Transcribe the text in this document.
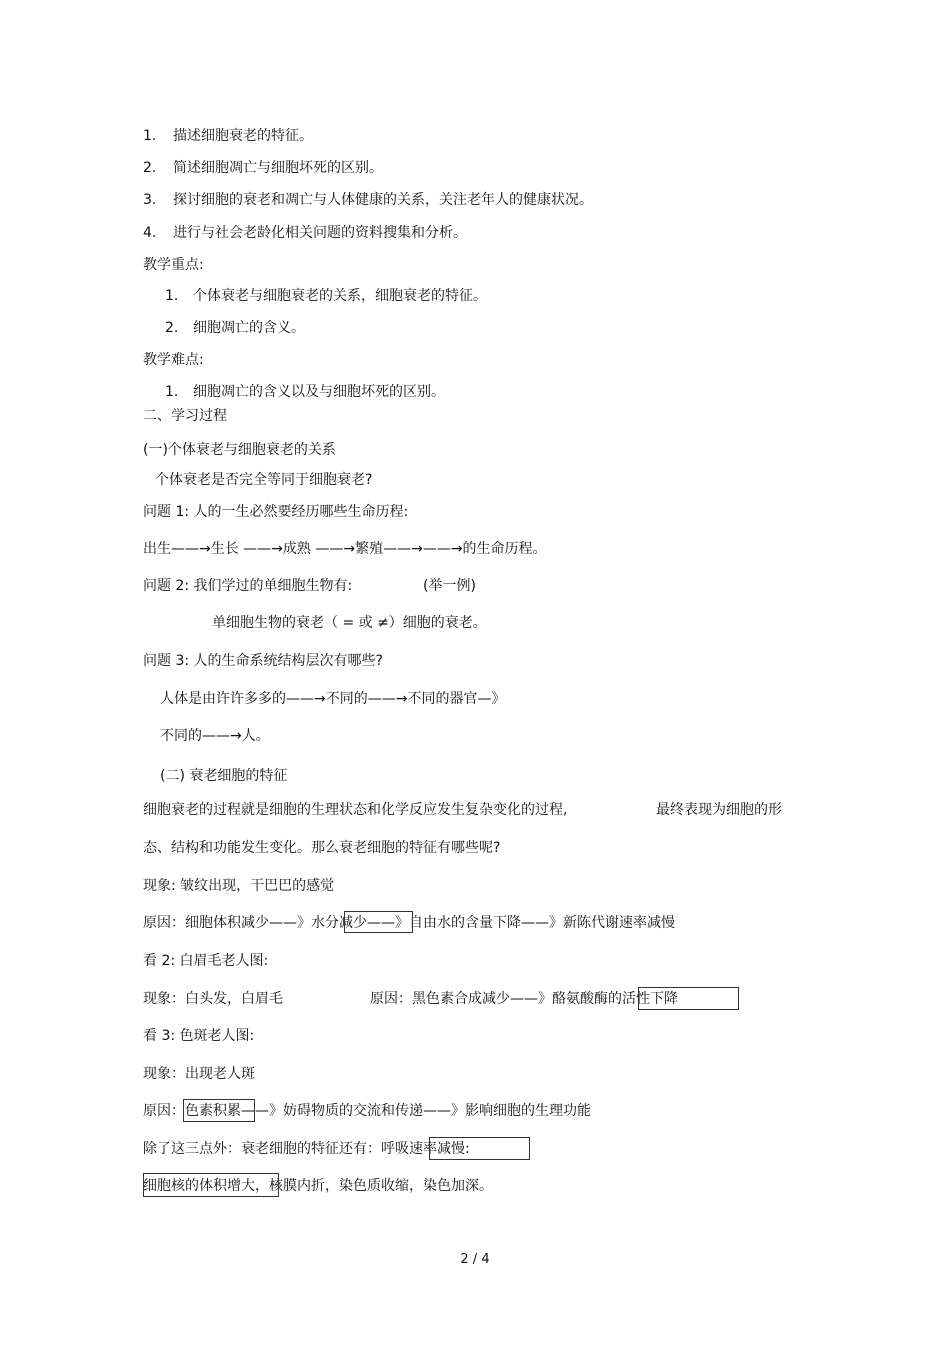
1. 描述细胞衰老的特征。
2. 简述细胞凋亡与细胞坏死的区别。
3. 探讨细胞的衰老和凋亡与人体健康的关系，关注老年人的健康状况。
4. 进行与社会老龄化相关问题的资料搜集和分析。
教学重点:
1. 个体衰老与细胞衰老的关系，细胞衰老的特征。
2. 细胞凋亡的含义。
教学难点:
1. 细胞凋亡的含义以及与细胞坏死的区别。
二、学习过程
(一)个体衰老与细胞衰老的关系
个体衰老是否完全等同于细胞衰老?
问题 1: 人的一生必然要经历哪些生命历程:
出生——→生长 ——→成熟 ——→繁殖——→——→的生命历程。
问题 2: 我们学过的单细胞生物有:	(举一例)
单细胞生物的衰老（ = 或 ≠）细胞的衰老。
问题 3: 人的生命系统结构层次有哪些?
人体是由许许多多的——→不同的——→不同的器官—》
不同的——→人。
(二) 衰老细胞的特征
细胞衰老的过程就是细胞的生理状态和化学反应发生复杂变化的过程,	最终表现为细胞的形
态、结构和功能发生变化。那么衰老细胞的特征有哪些呢?
现象: 皱纹出现，干巴巴的感觉
原因：细胞体积减少——》水分减少——》自由水的含量下降——》新陈代谢速率减慢
看 2: 白眉毛老人图:
现象：白头发，白眉毛	原因：黑色素合成减少——》酪氨酸酶的活性下降
看 3: 色斑老人图:
现象：出现老人斑
原因：色素积累——》妨碍物质的交流和传递——》影响细胞的生理功能
除了这三点外：衰老细胞的特征还有：呼吸速率减慢:
细胞核的体积增大，核膜内折，染色质收缩，染色加深。
2 / 4
